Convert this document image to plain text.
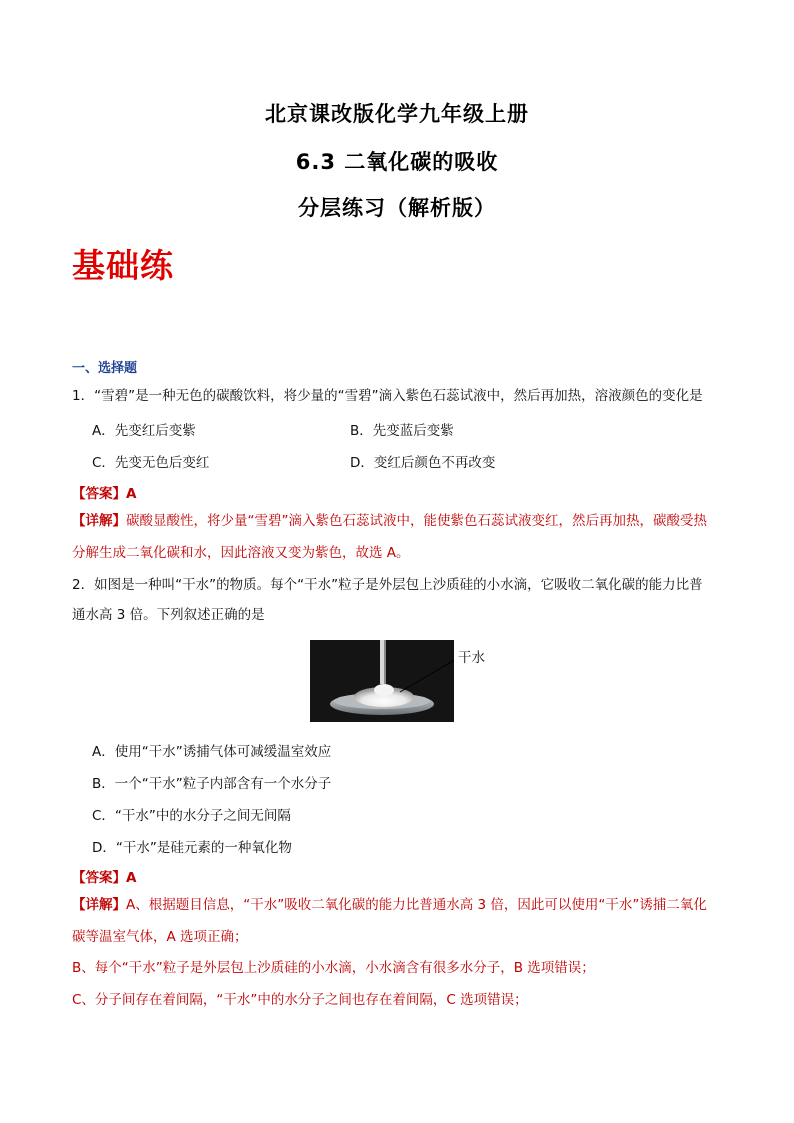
北京课改版化学九年级上册
6.3 二氧化碳的吸收
分层练习（解析版）
基础练
一、选择题
1．“雪碧”是一种无色的碳酸饮料，将少量的“雪碧”滴入紫色石蕊试液中，然后再加热，溶液颜色的变化是
A．先变红后变紫	B．先变蓝后变紫
C．先变无色后变红	D．变红后颜色不再改变
【答案】A
【详解】碳酸显酸性，将少量“雪碧”滴入紫色石蕊试液中，能使紫色石蕊试液变红，然后再加热，碳酸受热
分解生成二氧化碳和水，因此溶液又变为紫色，故选 A。
2．如图是一种叫“干水”的物质。每个“干水”粒子是外层包上沙质硅的小水滴，它吸收二氧化碳的能力比普
通水高 3 倍。下列叙述正确的是
干水
A．使用“干水”诱捕气体可减缓温室效应
B．一个“干水”粒子内部含有一个水分子
C．“干水”中的水分子之间无间隔
D．“干水”是硅元素的一种氧化物
【答案】A
【详解】A、根据题目信息，“干水”吸收二氧化碳的能力比普通水高 3 倍，因此可以使用“干水”诱捕二氧化
碳等温室气体，A 选项正确；
B、每个“干水”粒子是外层包上沙质硅的小水滴，小水滴含有很多水分子，B 选项错误；
C、分子间存在着间隔，“干水”中的水分子之间也存在着间隔，C 选项错误；
